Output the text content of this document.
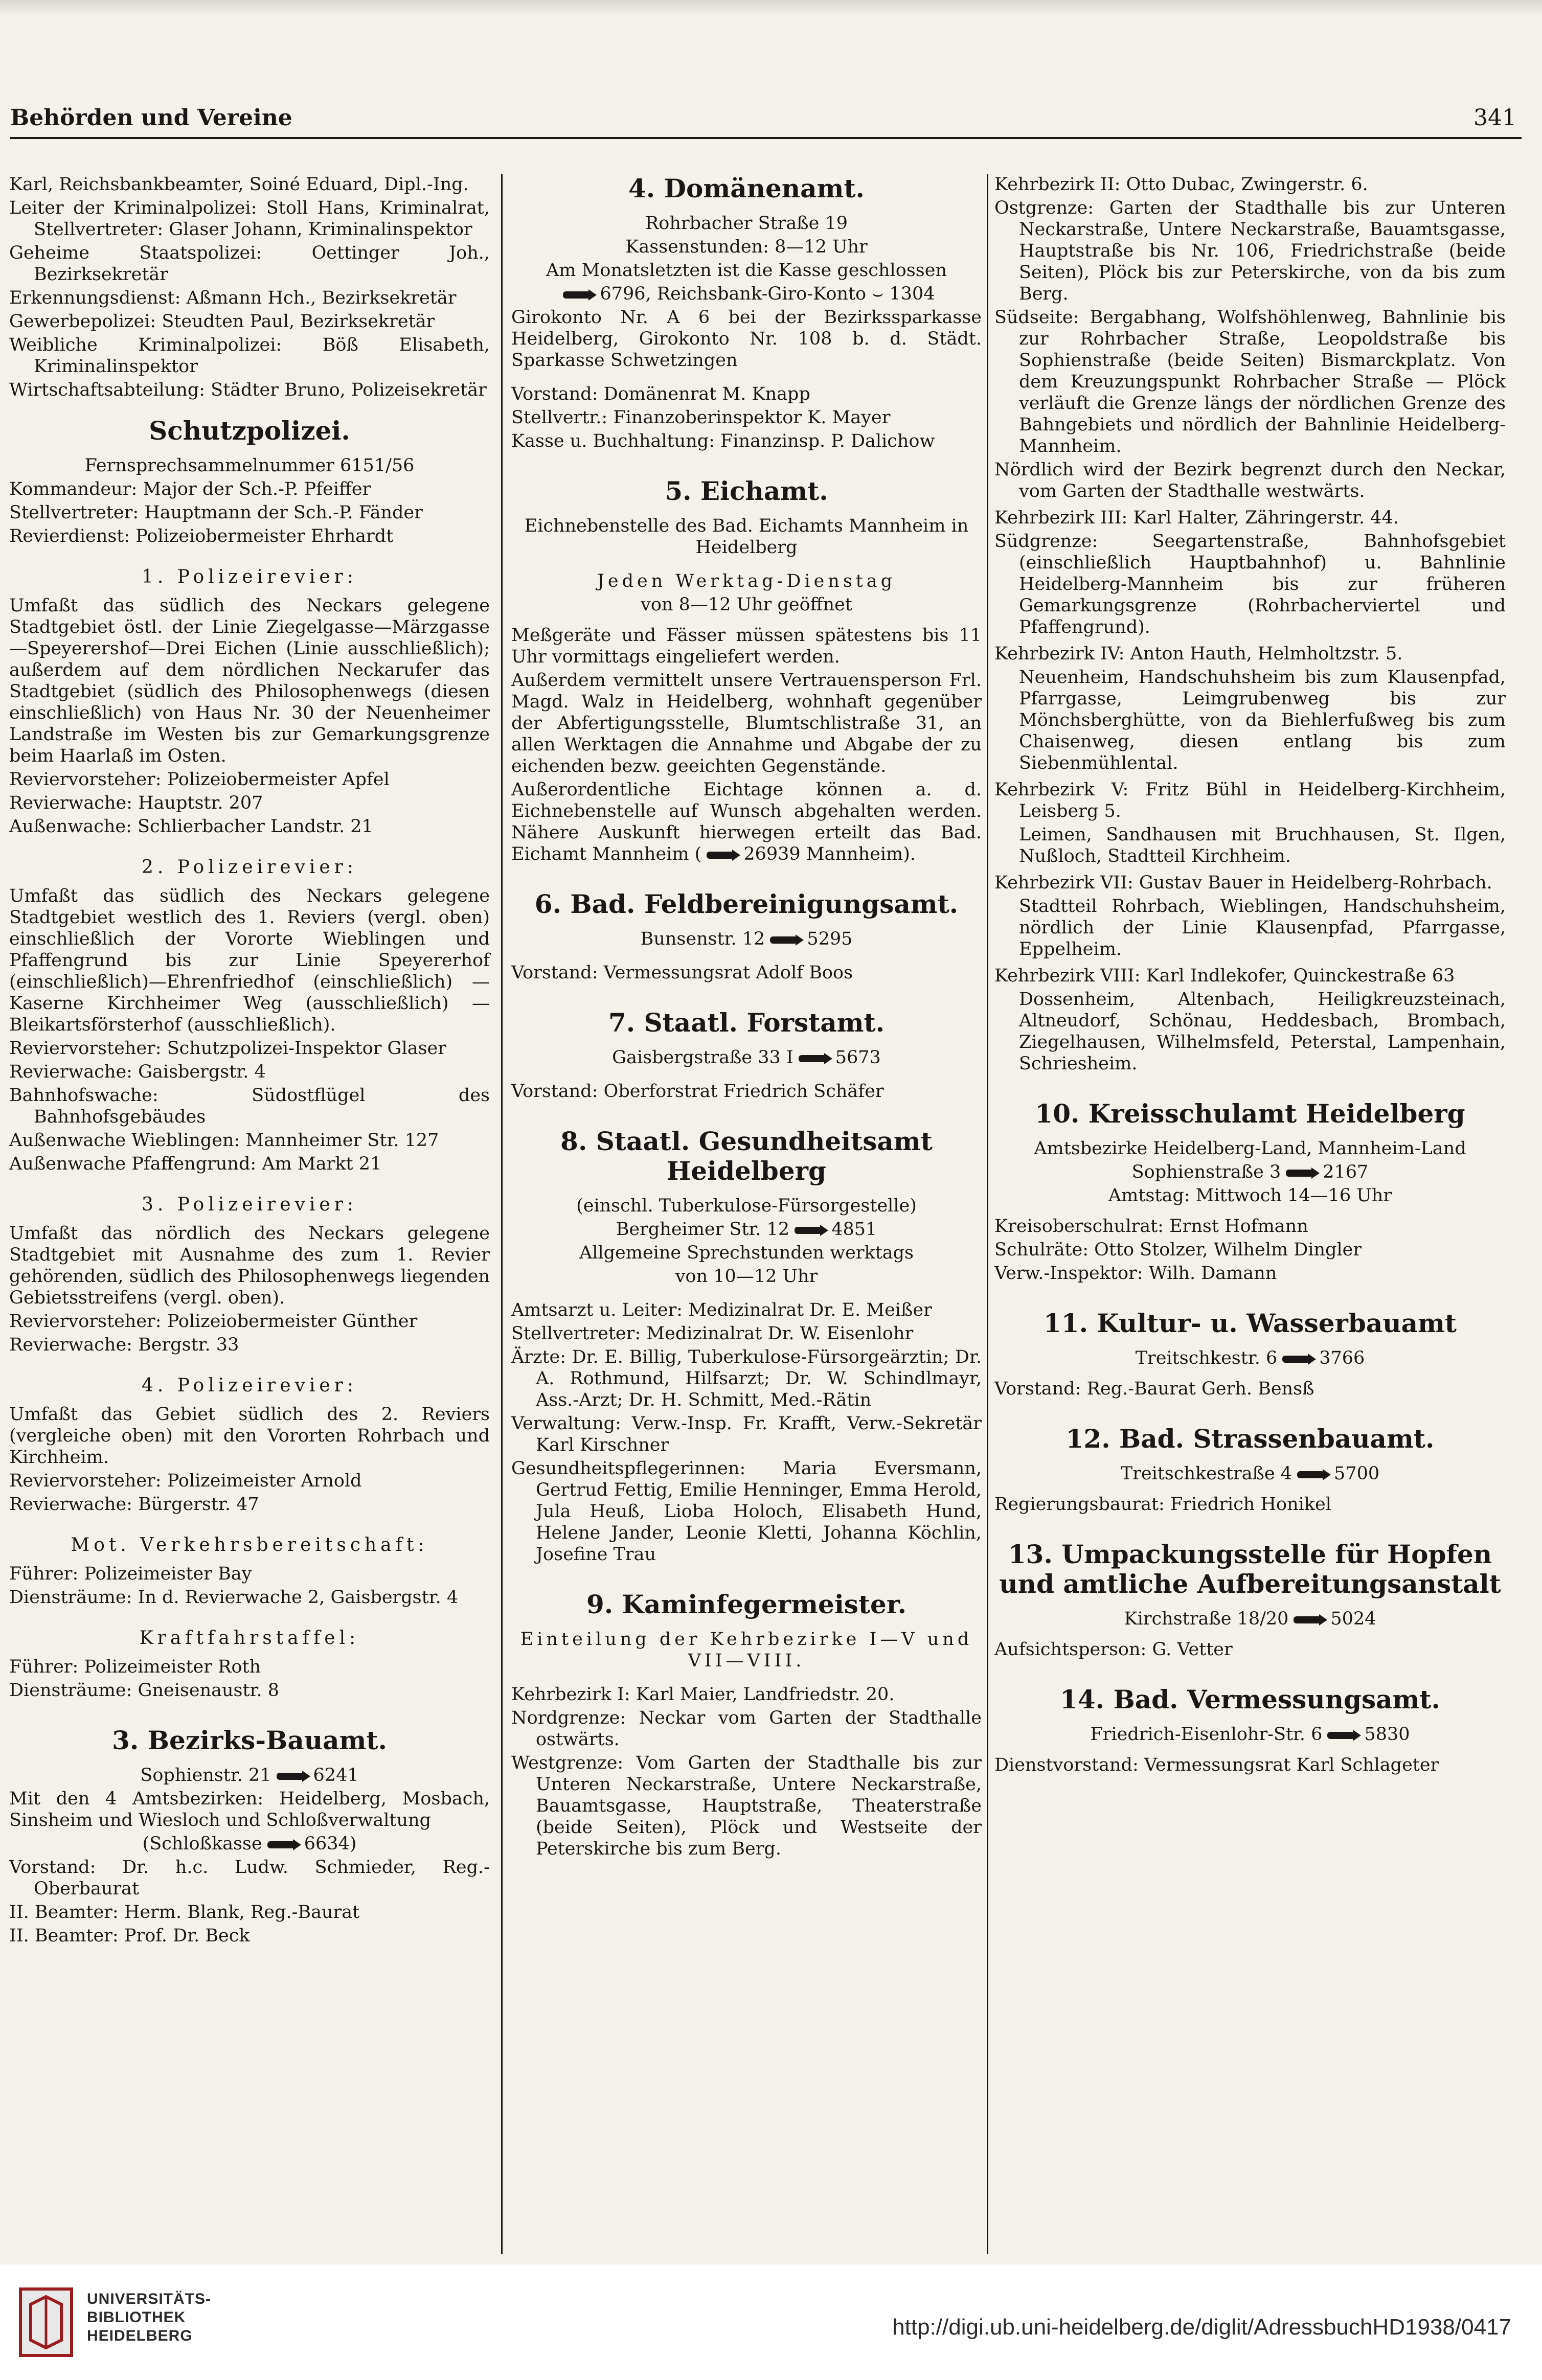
Behörden und Vereine	341

Karl, Reichsbankbeamter, Soiné Eduard, Dipl.-Ing.

Leiter der Kriminalpolizei: Stoll Hans, Kriminalrat, Stellvertreter: Glaser Johann, Kriminalinspektor

Geheime Staatspolizei: Oettinger Joh., Bezirksekretär

Erkennungsdienst: Aßmann Hch., Bezirksekretär

Gewerbepolizei: Steudten Paul, Bezirksekretär

Weibliche Kriminalpolizei: Böß Elisabeth, Kriminalinspektor

Wirtschaftsabteilung: Städter Bruno, Polizeisekretär

Schutzpolizei.

Fernsprechsammelnummer 6151/56

Kommandeur: Major der Sch.-P. Pfeiffer

Stellvertreter: Hauptmann der Sch.-P. Fänder

Revierdienst: Polizeiobermeister Ehrhardt

1. Polizeirevier:

Umfaßt das südlich des Neckars gelegene Stadtgebiet östl. der Linie Ziegelgasse—Märzgasse—Speyerershof—Drei Eichen (Linie ausschließlich); außerdem auf dem nördlichen Neckarufer das Stadtgebiet (südlich des Philosophenwegs (diesen einschließlich) von Haus Nr. 30 der Neuenheimer Landstraße im Westen bis zur Gemarkungsgrenze beim Haarlaß im Osten.

Reviervorsteher: Polizeiobermeister Apfel

Revierwache: Hauptstr. 207

Außenwache: Schlierbacher Landstr. 21

2. Polizeirevier:

Umfaßt das südlich des Neckars gelegene Stadtgebiet westlich des 1. Reviers (vergl. oben) einschließlich der Vororte Wieblingen und Pfaffengrund bis zur Linie Speyererhof (einschließlich)—Ehrenfriedhof (einschließlich) — Kaserne Kirchheimer Weg (ausschließlich) — Bleikartsförsterhof (ausschließlich).

Reviervorsteher: Schutzpolizei-Inspektor Glaser

Revierwache: Gaisbergstr. 4

Bahnhofswache: Südostflügel des Bahnhofsgebäudes

Außenwache Wieblingen: Mannheimer Str. 127

Außenwache Pfaffengrund: Am Markt 21

3. Polizeirevier:

Umfaßt das nördlich des Neckars gelegene Stadtgebiet mit Ausnahme des zum 1. Revier gehörenden, südlich des Philosophenwegs liegenden Gebietsstreifens (vergl. oben).

Reviervorsteher: Polizeiobermeister Günther

Revierwache: Bergstr. 33

4. Polizeirevier:

Umfaßt das Gebiet südlich des 2. Reviers (vergleiche oben) mit den Vororten Rohrbach und Kirchheim.

Reviervorsteher: Polizeimeister Arnold

Revierwache: Bürgerstr. 47

Mot. Verkehrsbereitschaft:

Führer: Polizeimeister Bay

Diensträume: In d. Revierwache 2, Gaisbergstr. 4

Kraftfahrstaffel:

Führer: Polizeimeister Roth

Diensträume: Gneisenaustr. 8

3. Bezirks-Bauamt.

Sophienstr. 21 6241

Mit den 4 Amtsbezirken: Heidelberg, Mosbach, Sinsheim und Wiesloch und Schloßverwaltung

(Schloßkasse 6634)

Vorstand: Dr. h.c. Ludw. Schmieder, Reg.-Oberbaurat

II. Beamter: Herm. Blank, Reg.-Baurat

II. Beamter: Prof. Dr. Beck

4. Domänenamt.

Rohrbacher Straße 19

Kassenstunden: 8—12 Uhr

Am Monatsletzten ist die Kasse geschlossen

6796, Reichsbank-Giro-Konto ⌣ 1304

Girokonto Nr. A 6 bei der Bezirkssparkasse Heidelberg, Girokonto Nr. 108 b. d. Städt. Sparkasse Schwetzingen

Vorstand: Domänenrat M. Knapp

Stellvertr.: Finanzoberinspektor K. Mayer

Kasse u. Buchhaltung: Finanzinsp. P. Dalichow

5. Eichamt.

Eichnebenstelle des Bad. Eichamts Mannheim in Heidelberg

Jeden Werktag-Dienstag

von 8—12 Uhr geöffnet

Meßgeräte und Fässer müssen spätestens bis 11 Uhr vormittags eingeliefert werden.

Außerdem vermittelt unsere Vertrauensperson Frl. Magd. Walz in Heidelberg, wohnhaft gegenüber der Abfertigungsstelle, Blumtschlistraße 31, an allen Werktagen die Annahme und Abgabe der zu eichenden bezw. geeichten Gegenstände.

Außerordentliche Eichtage können a. d. Eichnebenstelle auf Wunsch abgehalten werden. Nähere Auskunft hierwegen erteilt das Bad. Eichamt Mannheim ( 26939 Mannheim).

6. Bad. Feldbereinigungsamt.

Bunsenstr. 12 5295

Vorstand: Vermessungsrat Adolf Boos

7. Staatl. Forstamt.

Gaisbergstraße 33 I 5673

Vorstand: Oberforstrat Friedrich Schäfer

8. Staatl. Gesundheitsamt Heidelberg

(einschl. Tuberkulose-Fürsorgestelle)

Bergheimer Str. 12 4851

Allgemeine Sprechstunden werktags

von 10—12 Uhr

Amtsarzt u. Leiter: Medizinalrat Dr. E. Meißer

Stellvertreter: Medizinalrat Dr. W. Eisenlohr

Ärzte: Dr. E. Billig, Tuberkulose-Fürsorgeärztin; Dr. A. Rothmund, Hilfsarzt; Dr. W. Schindlmayr, Ass.-Arzt; Dr. H. Schmitt, Med.-Rätin

Verwaltung: Verw.-Insp. Fr. Krafft, Verw.-Sekretär Karl Kirschner

Gesundheitspflegerinnen: Maria Eversmann, Gertrud Fettig, Emilie Henninger, Emma Herold, Jula Heuß, Lioba Holoch, Elisabeth Hund, Helene Jander, Leonie Kletti, Johanna Köchlin, Josefine Trau

9. Kaminfegermeister.

Einteilung der Kehrbezirke I—V und VII—VIII.

Kehrbezirk I: Karl Maier, Landfriedstr. 20.

Nordgrenze: Neckar vom Garten der Stadthalle ostwärts.

Westgrenze: Vom Garten der Stadthalle bis zur Unteren Neckarstraße, Untere Neckarstraße, Bauamtsgasse, Hauptstraße, Theaterstraße (beide Seiten), Plöck und Westseite der Peterskirche bis zum Berg.

Kehrbezirk II: Otto Dubac, Zwingerstr. 6.

Ostgrenze: Garten der Stadthalle bis zur Unteren Neckarstraße, Untere Neckarstraße, Bauamtsgasse, Hauptstraße bis Nr. 106, Friedrichstraße (beide Seiten), Plöck bis zur Peterskirche, von da bis zum Berg.

Südseite: Bergabhang, Wolfshöhlenweg, Bahnlinie bis zur Rohrbacher Straße, Leopoldstraße bis Sophienstraße (beide Seiten) Bismarckplatz. Von dem Kreuzungspunkt Rohrbacher Straße — Plöck verläuft die Grenze längs der nördlichen Grenze des Bahngebiets und nördlich der Bahnlinie Heidelberg-Mannheim.

Nördlich wird der Bezirk begrenzt durch den Neckar, vom Garten der Stadthalle westwärts.

Kehrbezirk III: Karl Halter, Zähringerstr. 44.

Südgrenze: Seegartenstraße, Bahnhofsgebiet (einschließlich Hauptbahnhof) u. Bahnlinie Heidelberg-Mannheim bis zur früheren Gemarkungsgrenze (Rohrbacherviertel und Pfaffengrund).

Kehrbezirk IV: Anton Hauth, Helmholtzstr. 5.

Neuenheim, Handschuhsheim bis zum Klausenpfad, Pfarrgasse, Leimgrubenweg bis zur Mönchsberghütte, von da Biehlerfußweg bis zum Chaisenweg, diesen entlang bis zum Siebenmühlental.

Kehrbezirk V: Fritz Bühl in Heidelberg-Kirchheim, Leisberg 5.

Leimen, Sandhausen mit Bruchhausen, St. Ilgen, Nußloch, Stadtteil Kirchheim.

Kehrbezirk VII: Gustav Bauer in Heidelberg-Rohrbach.

Stadtteil Rohrbach, Wieblingen, Handschuhsheim, nördlich der Linie Klausenpfad, Pfarrgasse, Eppelheim.

Kehrbezirk VIII: Karl Indlekofer, Quinckestraße 63

Dossenheim, Altenbach, Heiligkreuzsteinach, Altneudorf, Schönau, Heddesbach, Brombach, Ziegelhausen, Wilhelmsfeld, Peterstal, Lampenhain, Schriesheim.

10. Kreisschulamt Heidelberg

Amtsbezirke Heidelberg-Land, Mannheim-Land

Sophienstraße 3 2167

Amtstag: Mittwoch 14—16 Uhr

Kreisoberschulrat: Ernst Hofmann

Schulräte: Otto Stolzer, Wilhelm Dingler

Verw.-Inspektor: Wilh. Damann

11. Kultur- u. Wasserbauamt

Treitschkestr. 6 3766

Vorstand: Reg.-Baurat Gerh. Bensß

12. Bad. Strassenbauamt.

Treitschkestraße 4 5700

Regierungsbaurat: Friedrich Honikel

13. Umpackungsstelle für Hopfen und amtliche Aufbereitungsanstalt

Kirchstraße 18/20 5024

Aufsichtsperson: G. Vetter

14. Bad. Vermessungsamt.

Friedrich-Eisenlohr-Str. 6 5830

Dienstvorstand: Vermessungsrat Karl Schlageter

UNIVERSITÄTS-
BIBLIOTHEK
HEIDELBERG	http://digi.ub.uni-heidelberg.de/diglit/AdressbuchHD1938/0417
